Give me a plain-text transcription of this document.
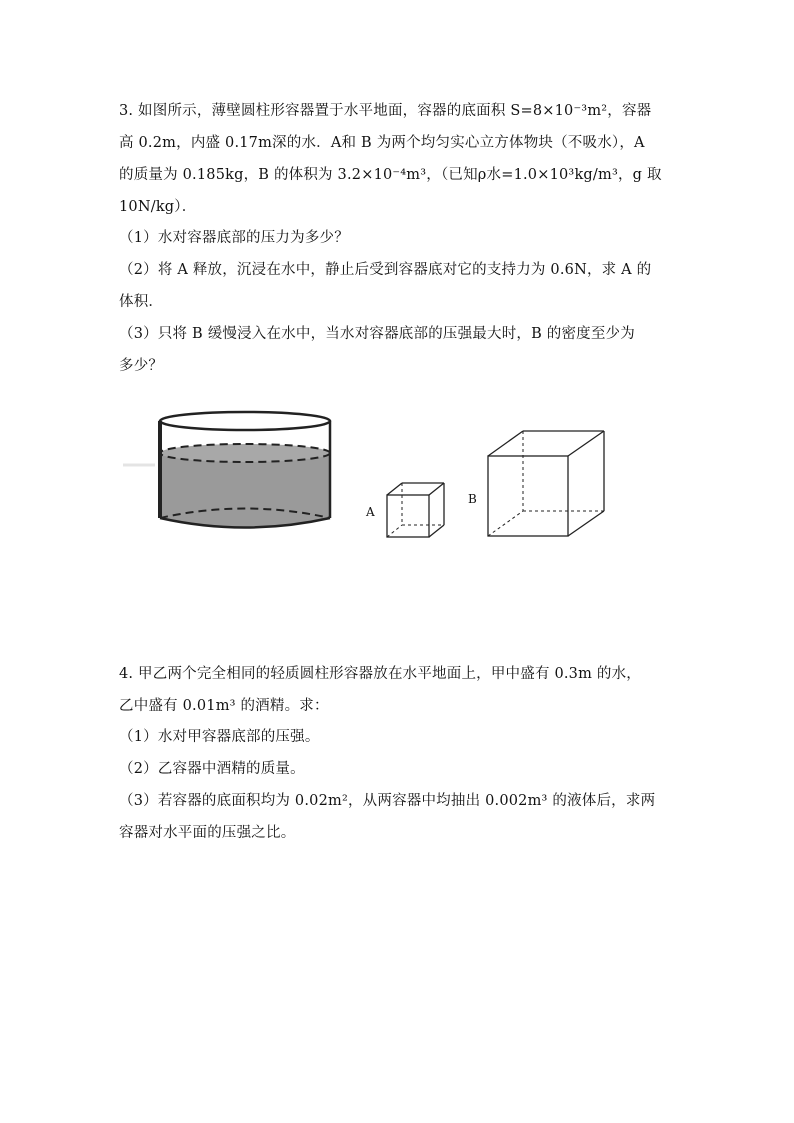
3. 如图所示，薄壁圆柱形容器置于水平地面，容器的底面积 S=8×10⁻³m²，容器
高 0.2m，内盛 0.17m深的水．A和 B 为两个均匀实心立方体物块（不吸水），A
的质量为 0.185kg，B 的体积为 3.2×10⁻⁴m³，（已知ρ水=1.0×10³kg/m³，g 取
10N/kg）．
（1）水对容器底部的压力为多少？
（2）将 A 释放，沉浸在水中，静止后受到容器底对它的支持力为 0.6N，求 A 的
体积．
（3）只将 B 缓慢浸入在水中，当水对容器底部的压强最大时，B 的密度至少为
多少？
A
B
4. 甲乙两个完全相同的轻质圆柱形容器放在水平地面上，甲中盛有 0.3m 的水，
乙中盛有 0.01m³ 的酒精。求：
（1）水对甲容器底部的压强。
（2）乙容器中酒精的质量。
（3）若容器的底面积均为 0.02m²，从两容器中均抽出 0.002m³ 的液体后，求两
容器对水平面的压强之比。
